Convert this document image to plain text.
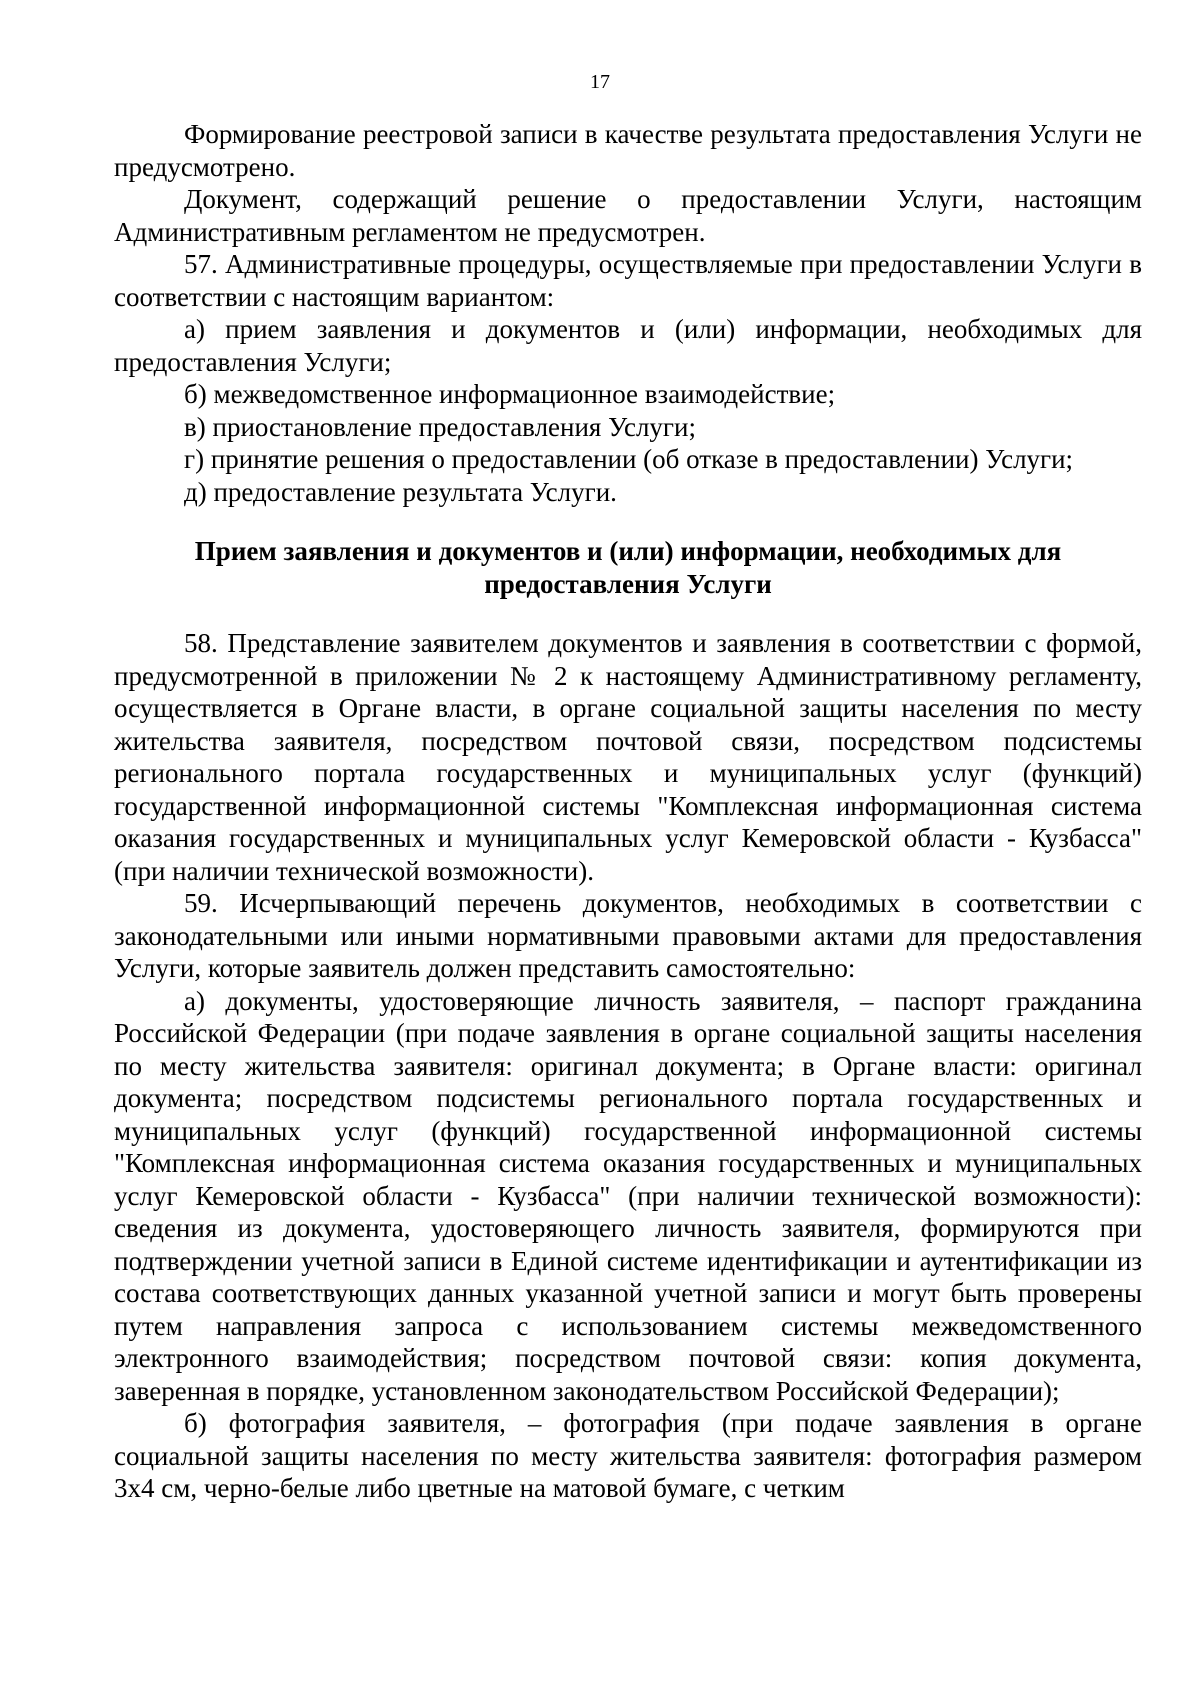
17

Формирование реестровой записи в качестве результата предоставления Услуги не предусмотрено.

Документ, содержащий решение о предоставлении Услуги, настоящим Административным регламентом не предусмотрен.

57. Административные процедуры, осуществляемые при предоставлении Услуги в соответствии с настоящим вариантом:

а) прием заявления и документов и (или) информации, необходимых для предоставления Услуги;

б) межведомственное информационное взаимодействие;

в) приостановление предоставления Услуги;

г) принятие решения о предоставлении (об отказе в предоставлении) Услуги;

д) предоставление результата Услуги.

Прием заявления и документов и (или) информации, необходимых для предоставления Услуги

58. Представление заявителем документов и заявления в соответствии с формой, предусмотренной в приложении № 2 к настоящему Административному регламенту, осуществляется в Органе власти, в органе социальной защиты населения по месту жительства заявителя, посредством почтовой связи, посредством подсистемы регионального портала государственных и муниципальных услуг (функций) государственной информационной системы "Комплексная информационная система оказания государственных и муниципальных услуг Кемеровской области - Кузбасса" (при наличии технической возможности).

59. Исчерпывающий перечень документов, необходимых в соответствии с законодательными или иными нормативными правовыми актами для предоставления Услуги, которые заявитель должен представить самостоятельно:

а) документы, удостоверяющие личность заявителя, – паспорт гражданина Российской Федерации (при подаче заявления в органе социальной защиты населения по месту жительства заявителя: оригинал документа; в Органе власти: оригинал документа; посредством подсистемы регионального портала государственных и муниципальных услуг (функций) государственной информационной системы "Комплексная информационная система оказания государственных и муниципальных услуг Кемеровской области - Кузбасса" (при наличии технической возможности): сведения из документа, удостоверяющего личность заявителя, формируются при подтверждении учетной записи в Единой системе идентификации и аутентификации из состава соответствующих данных указанной учетной записи и могут быть проверены путем направления запроса с использованием системы межведомственного электронного взаимодействия; посредством почтовой связи: копия документа, заверенная в порядке, установленном законодательством Российской Федерации);

б) фотография заявителя, – фотография (при подаче заявления в органе социальной защиты населения по месту жительства заявителя: фотография размером 3х4 см, черно-белые либо цветные на матовой бумаге, с четким
